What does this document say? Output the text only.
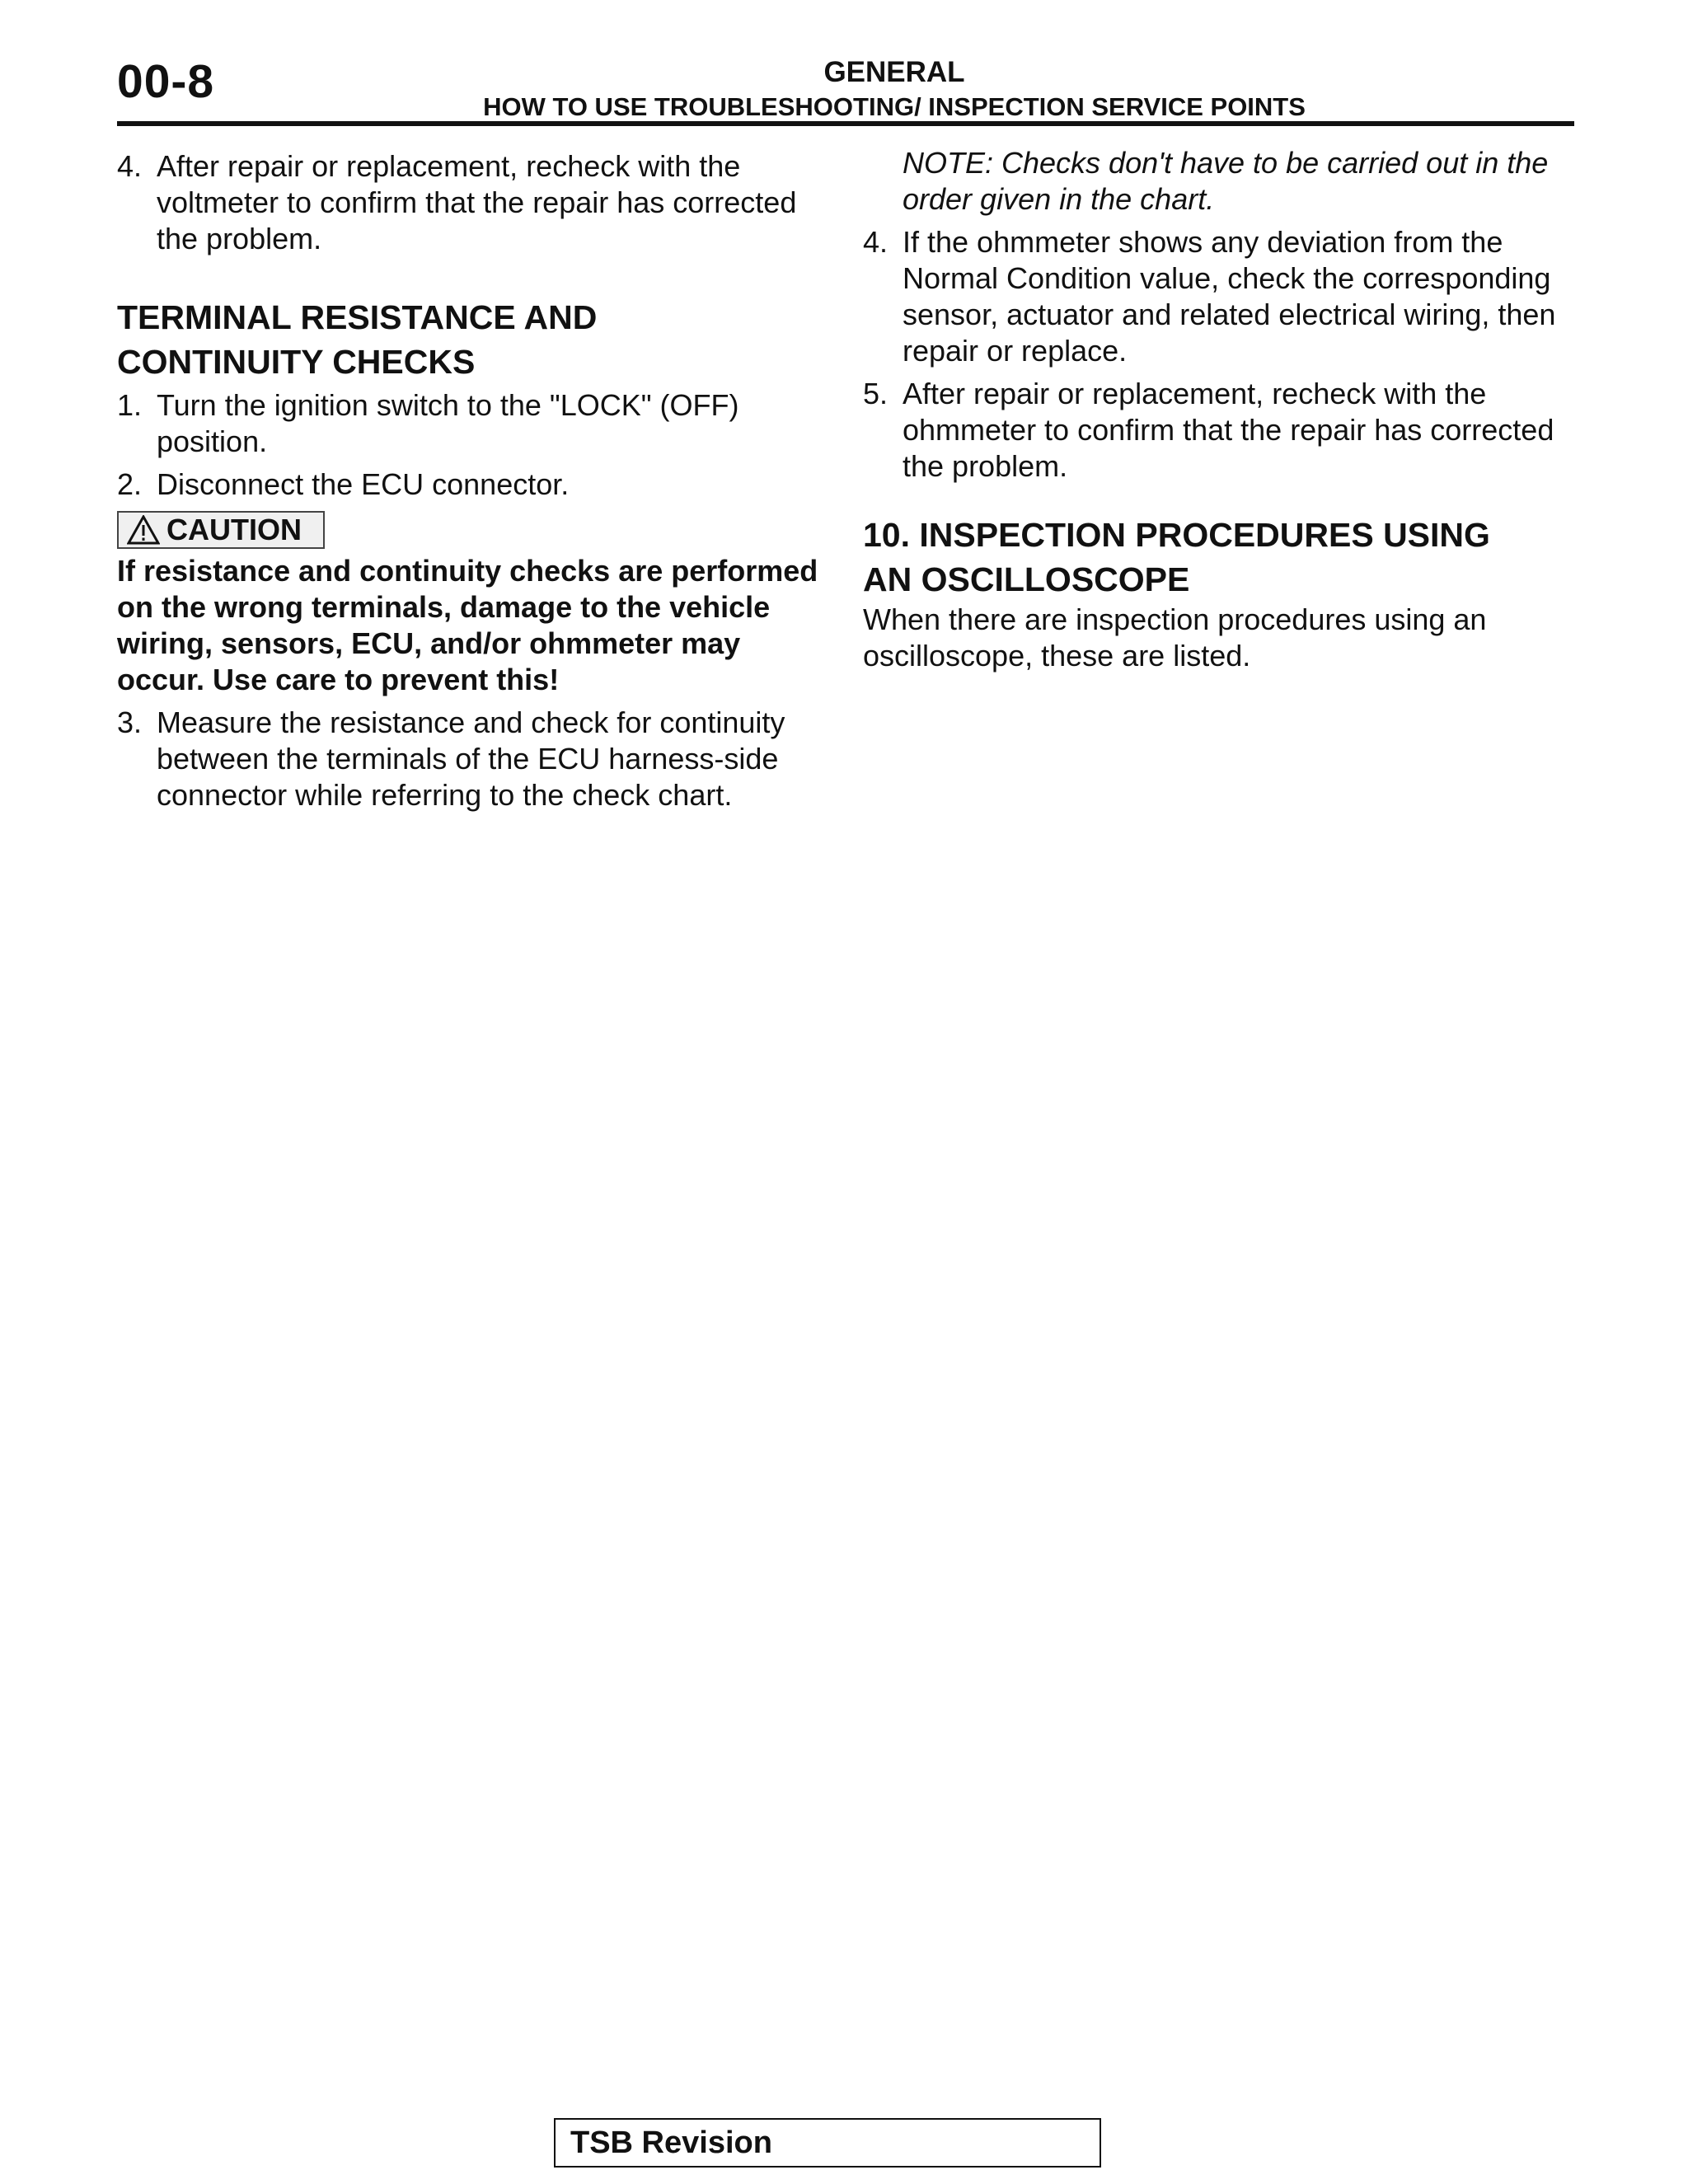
00-8	GENERAL
HOW TO USE TROUBLESHOOTING/ INSPECTION SERVICE POINTS
4. After repair or replacement, recheck with the voltmeter to confirm that the repair has corrected the problem.
TERMINAL RESISTANCE AND
CONTINUITY CHECKS
1. Turn the ignition switch to the "LOCK" (OFF) position.
2. Disconnect the ECU connector.
CAUTION
If resistance and continuity checks are performed on the wrong terminals, damage to the vehicle wiring, sensors, ECU, and/or ohmmeter may occur. Use care to prevent this!
3. Measure the resistance and check for continuity between the terminals of the ECU harness-side connector while referring to the check chart.
NOTE: Checks don't have to be carried out in the order given in the chart.
4. If the ohmmeter shows any deviation from the Normal Condition value, check the corresponding sensor, actuator and related electrical wiring, then repair or replace.
5. After repair or replacement, recheck with the ohmmeter to confirm that the repair has corrected the problem.
10. INSPECTION PROCEDURES USING
AN OSCILLOSCOPE
When there are inspection procedures using an oscilloscope, these are listed.
TSB Revision
